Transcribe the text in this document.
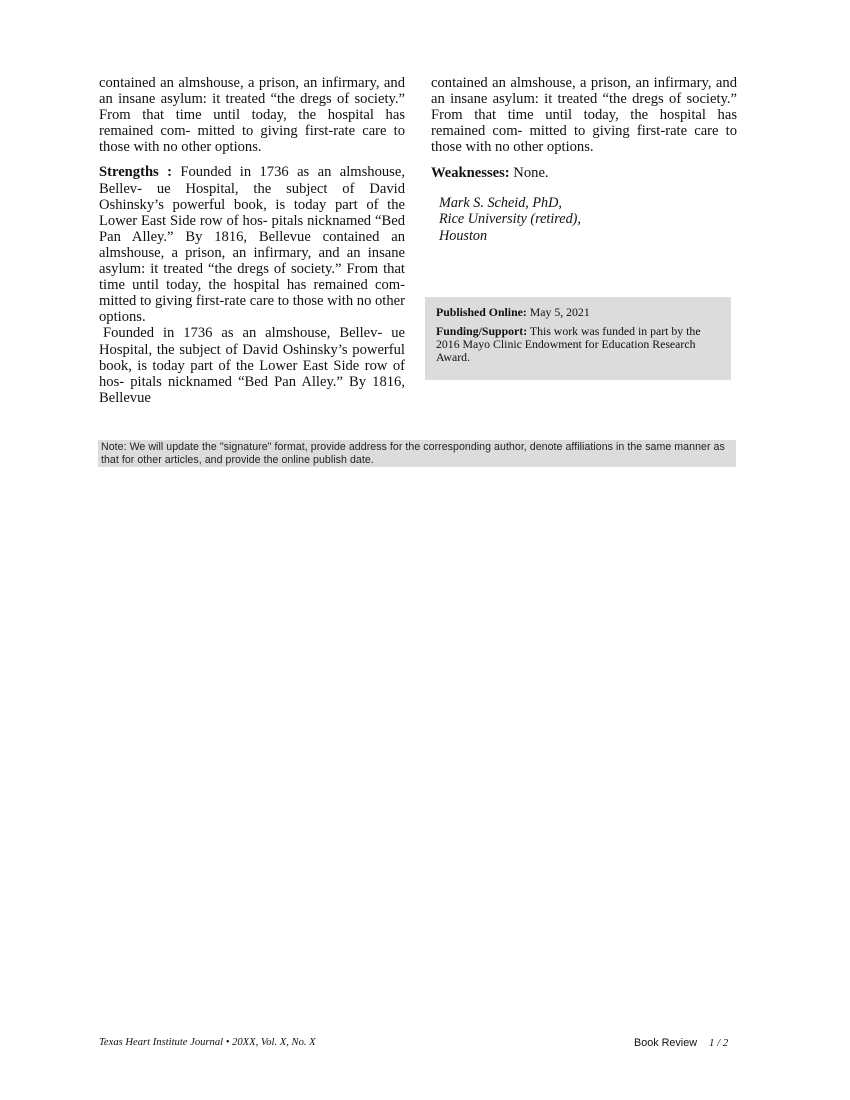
contained an almshouse, a prison, an infirmary, and an insane asylum: it treated “the dregs of society.” From that time until today, the hospital has remained com- mitted to giving first-rate care to those with no other options.

Strengths : Founded in 1736 as an almshouse, Bellev- ue Hospital, the subject of David Oshinsky’s powerful book, is today part of the Lower East Side row of hos- pitals nicknamed “Bed Pan Alley.” By 1816, Bellevue contained an almshouse, a prison, an infirmary, and an insane asylum: it treated “the dregs of society.” From that time until today, the hospital has remained com- mitted to giving first-rate care to those with no other options.

Founded in 1736 as an almshouse, Bellev- ue Hospital, the subject of David Oshinsky’s powerful book, is today part of the Lower East Side row of hos- pitals nicknamed “Bed Pan Alley.” By 1816, Bellevue

contained an almshouse, a prison, an infirmary, and an insane asylum: it treated “the dregs of society.” From that time until today, the hospital has remained com- mitted to giving first-rate care to those with no other options.

Weaknesses: None.

Mark S. Scheid, PhD,
Rice University (retired),
Houston

Published Online: May 5, 2021

Funding/Support: This work was funded in part by the 2016 Mayo Clinic Endowment for Education Research Award.

Note: We will update the "signature" format, provide address for the corresponding author, denote affiliations in the same manner as that for other articles, and provide the online publish date.
Texas Heart Institute Journal • 20XX, Vol. X, No. X	Book Review 1 / 2
